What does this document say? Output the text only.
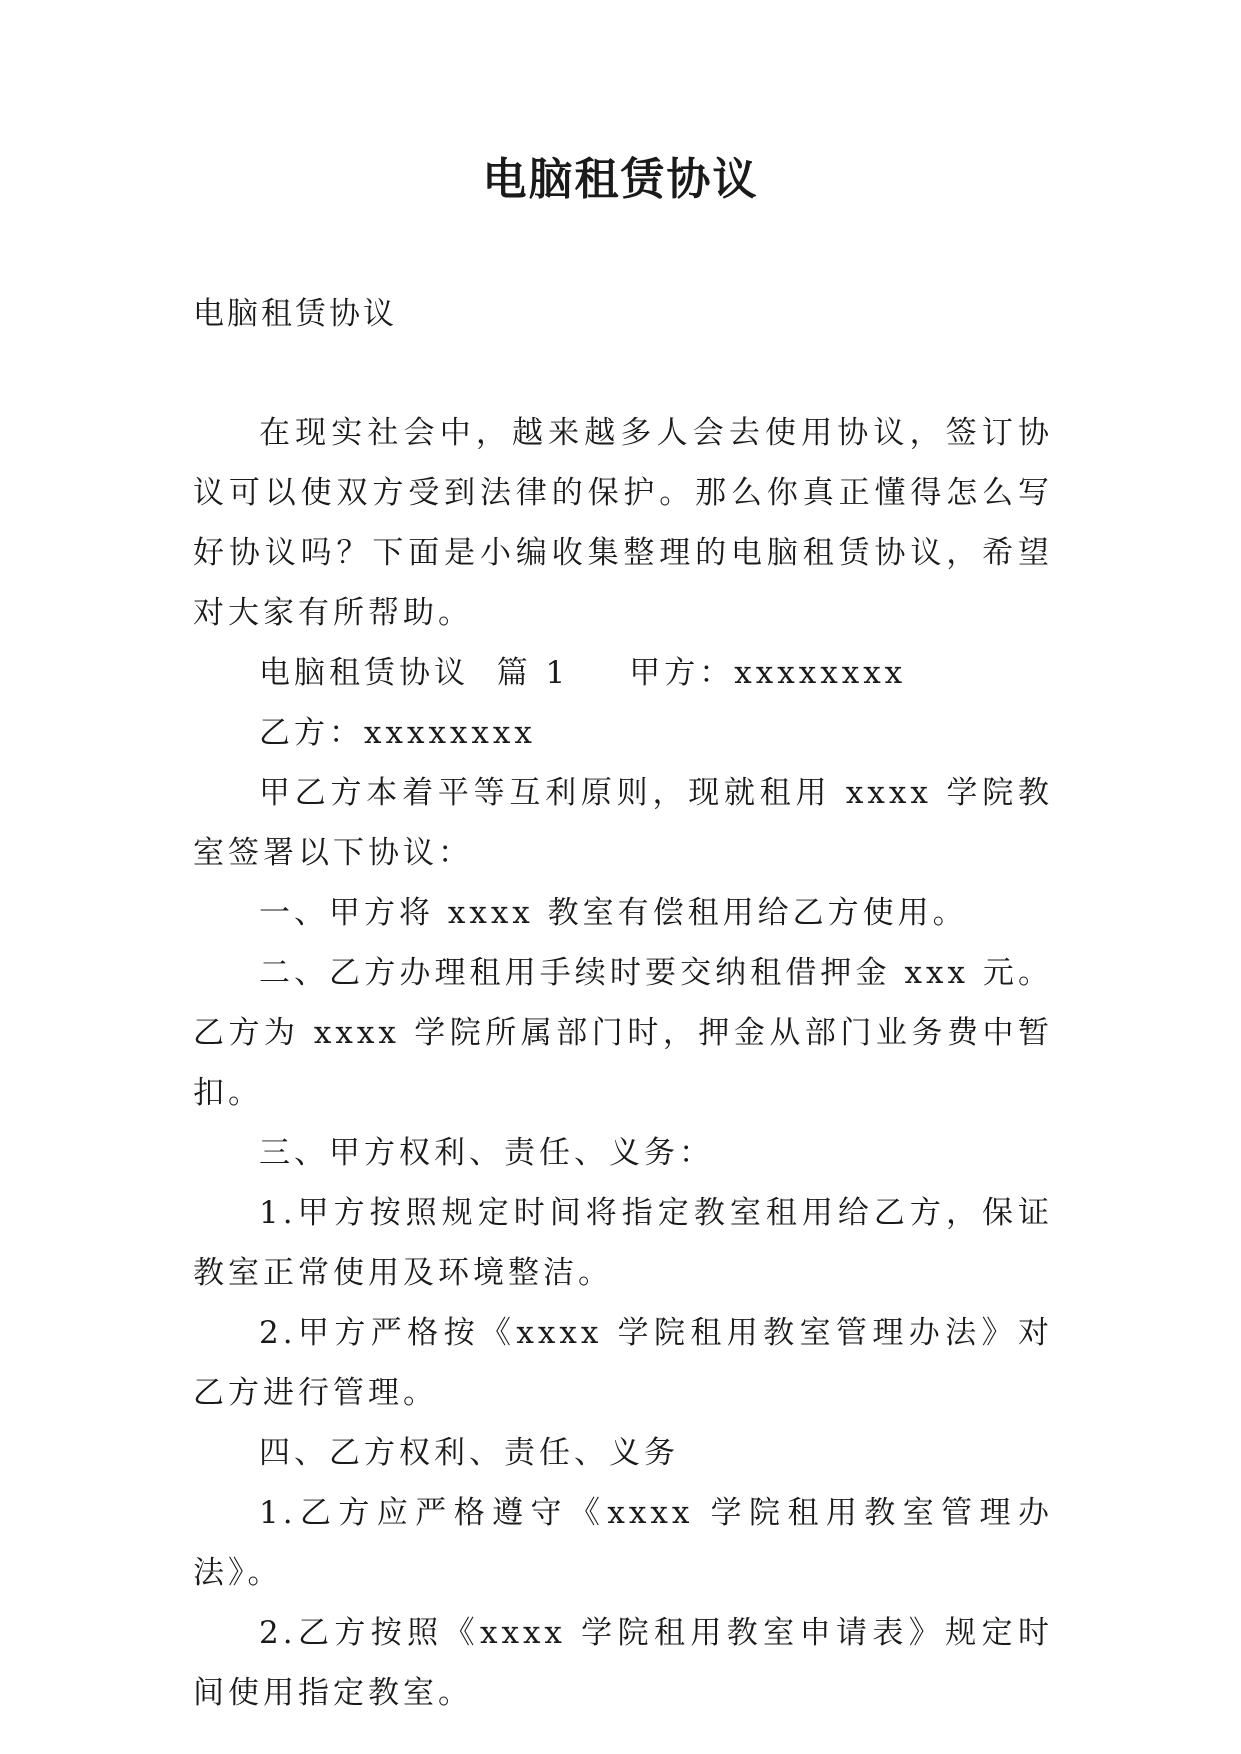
电脑租赁协议

电脑租赁协议

在现实社会中，越来越多人会去使用协议，签订协议可以使双方受到法律的保护。那么你真正懂得怎么写好协议吗？下面是小编收集整理的电脑租赁协议，希望对大家有所帮助。

电脑租赁协议  篇 1 甲方：xxxxxxxx

乙方：xxxxxxxx

甲乙方本着平等互利原则，现就租用 xxxx 学院教室签署以下协议：

一、甲方将 xxxx 教室有偿租用给乙方使用。

二、乙方办理租用手续时要交纳租借押金 xxx 元。乙方为 xxxx 学院所属部门时，押金从部门业务费中暂扣。

三、甲方权利、责任、义务：

1.甲方按照规定时间将指定教室租用给乙方，保证教室正常使用及环境整洁。

2.甲方严格按《xxxx 学院租用教室管理办法》对乙方进行管理。

四、乙方权利、责任、义务

1.乙方应严格遵守《xxxx 学院租用教室管理办法》。

2.乙方按照《xxxx 学院租用教室申请表》规定时间使用指定教室。
